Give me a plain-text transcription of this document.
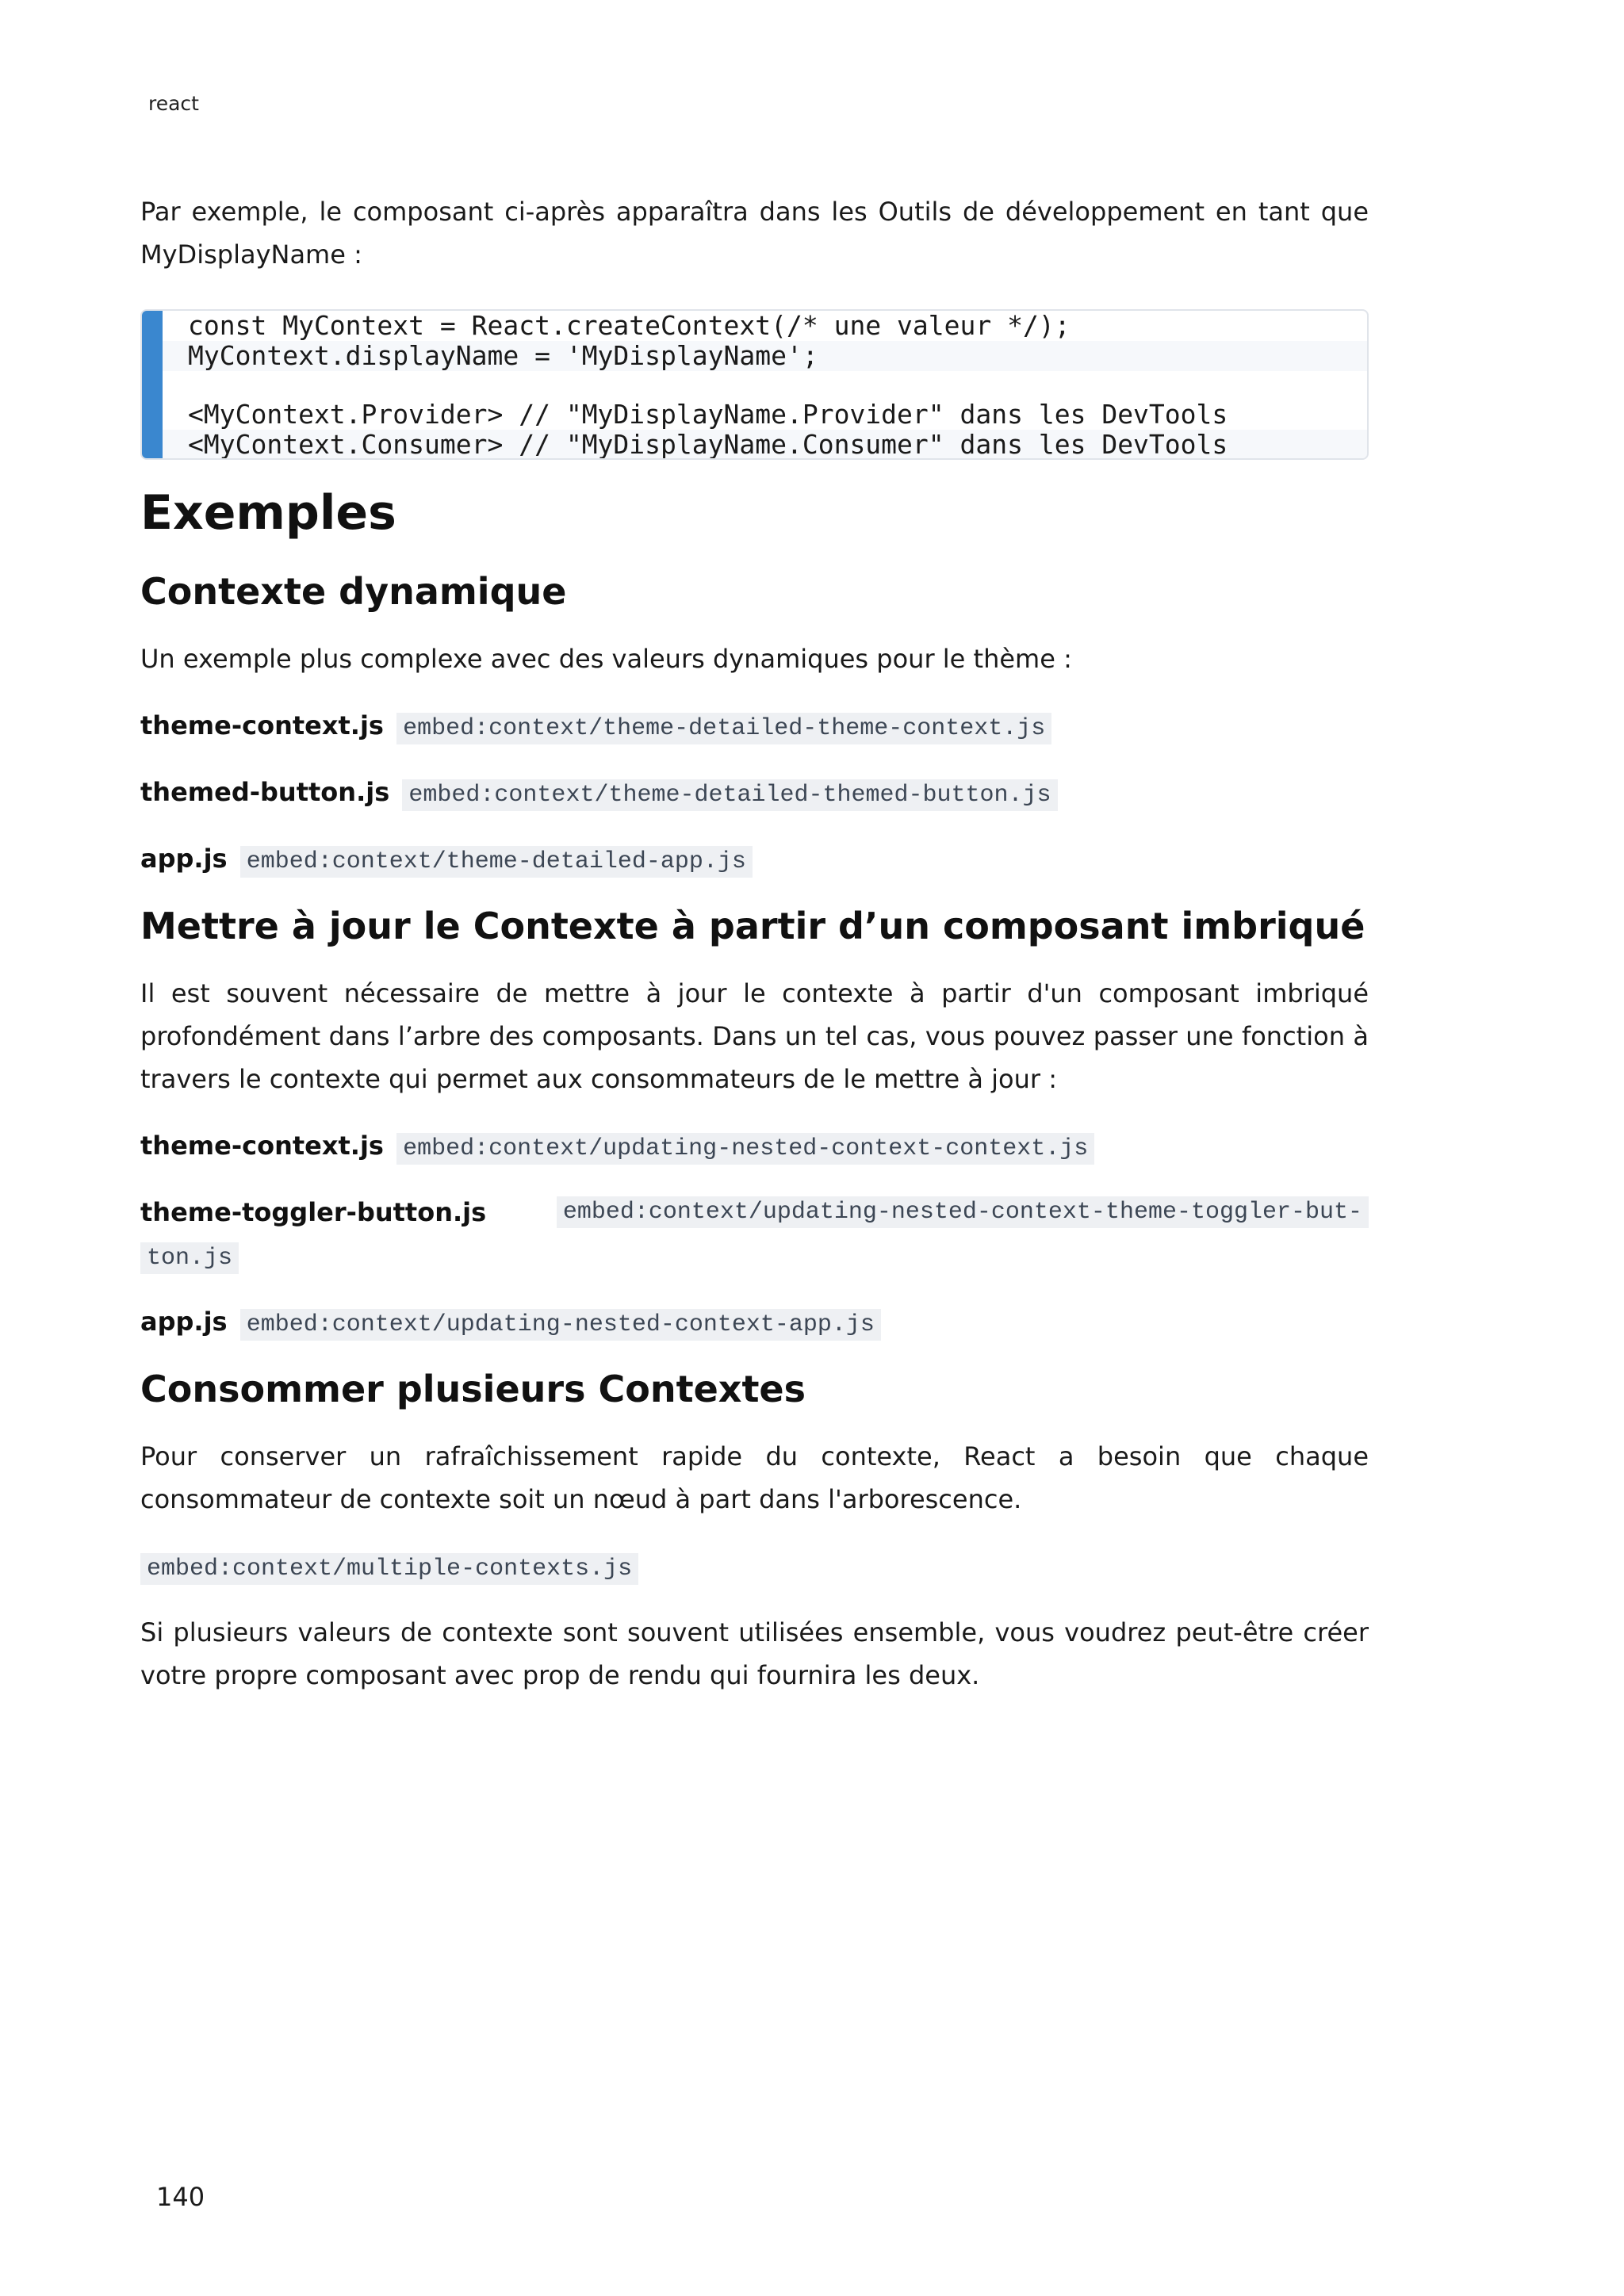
react

Par exemple, le composant ci-après apparaîtra dans les Outils de développement en tant que MyDisplayName :

const MyContext = React.createContext(/* une valeur */);
MyContext.displayName = 'MyDisplayName';
<MyContext.Provider> // "MyDisplayName.Provider" dans les DevTools
<MyContext.Consumer> // "MyDisplayName.Consumer" dans les DevTools
Exemples
Contexte dynamique

Un exemple plus complexe avec des valeurs dynamiques pour le thème :

theme-context.js embed:context/theme-detailed-theme-context.js
themed-button.js embed:context/theme-detailed-themed-button.js
app.js embed:context/theme-detailed-app.js
Mettre à jour le Contexte à partir d’un composant imbriqué

Il est souvent nécessaire de mettre à jour le contexte à partir d'un composant imbriqué profondément dans l’arbre des composants. Dans un tel cas, vous pouvez passer une fonction à travers le contexte qui permet aux consommateurs de le mettre à jour :

theme-context.js embed:context/updating-nested-context-context.js
theme-toggler-button.js	embed:context/updating-nested-context-theme-toggler-but-
ton.js
app.js embed:context/updating-nested-context-app.js
Consommer plusieurs Contextes

Pour conserver un rafraîchissement rapide du contexte, React a besoin que chaque consommateur de contexte soit un nœud à part dans l'arborescence.

embed:context/multiple-contexts.js

Si plusieurs valeurs de contexte sont souvent utilisées ensemble, vous voudrez peut-être créer votre propre composant avec prop de rendu qui fournira les deux.

140
